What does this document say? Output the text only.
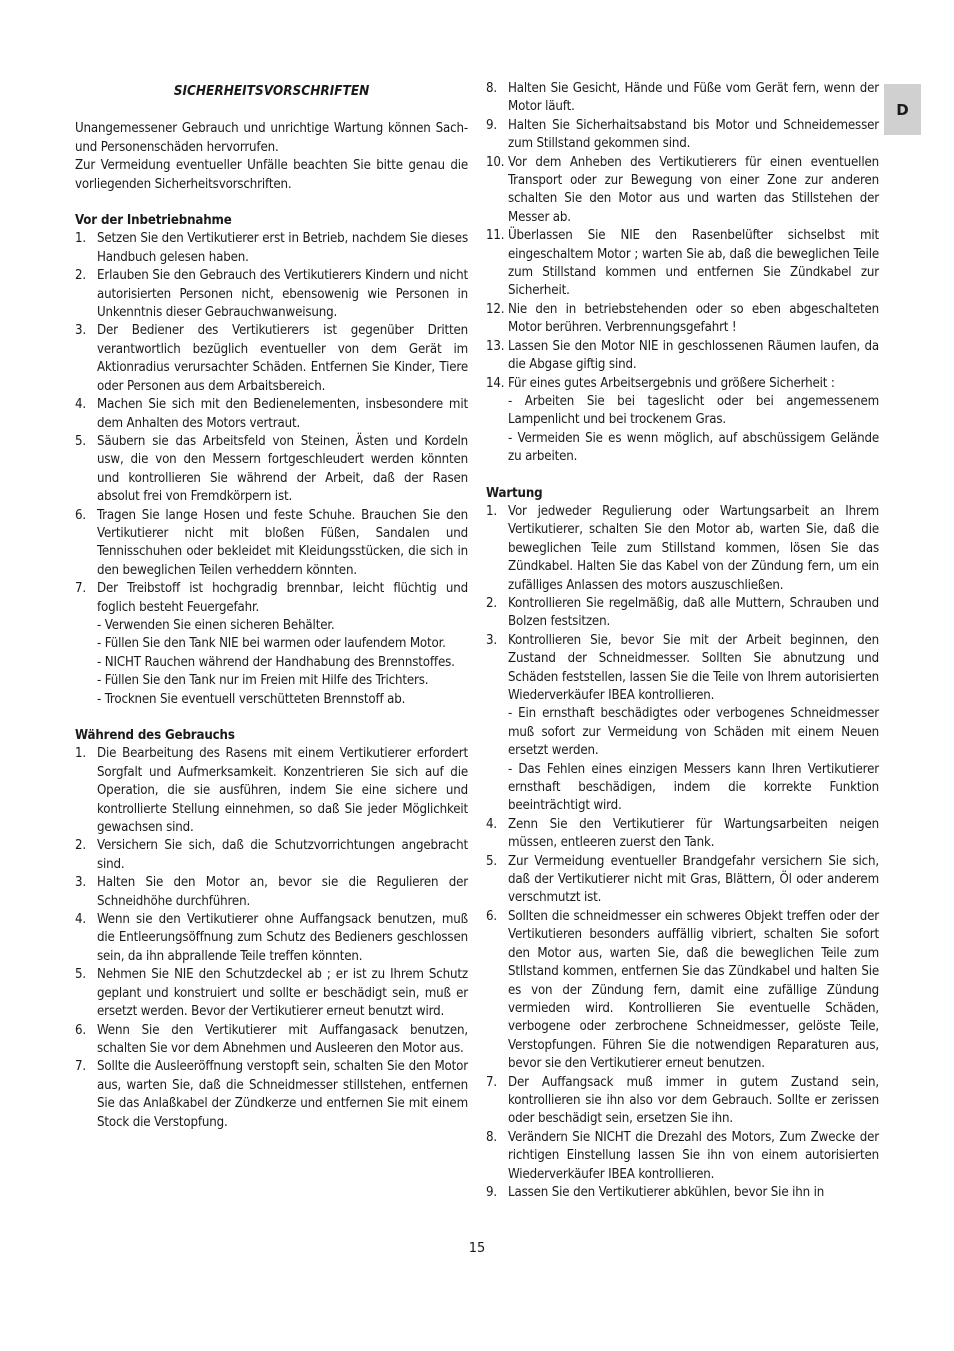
D
SICHERHEITSVORSCHRIFTEN

Unangemessener Gebrauch und unrichtige Wartung können Sach- und Personenschäden hervorrufen.

Zur Vermeidung eventueller Unfälle beachten Sie bitte genau die vorliegenden Sicherheitsvorschriften.

Vor der Inbetriebnahme
1. Setzen Sie den Vertikutierer erst in Betrieb, nachdem Sie dieses Handbuch gelesen haben.
2. Erlauben Sie den Gebrauch des Vertikutierers Kindern und nicht autorisierten Personen nicht, ebensowenig wie Personen in Unkenntnis dieser Gebrauchwanweisung.
3. Der Bediener des Vertikutierers ist gegenüber Dritten verantwortlich bezüglich eventueller von dem Gerät im Aktionradius verursachter Schäden. Entfernen Sie Kinder, Tiere oder Personen aus dem Arbaitsbereich.
4. Machen Sie sich mit den Bedienelementen, insbesondere mit dem Anhalten des Motors vertraut.
5. Säubern sie das Arbeitsfeld von Steinen, Ästen und Kordeln usw, die von den Messern fortgeschleudert werden könnten und kontrollieren Sie während der Arbeit, daß der Rasen absolut frei von Fremdkörpern ist.
6. Tragen Sie lange Hosen und feste Schuhe. Brauchen Sie den Vertikutierer nicht mit bloßen Füßen, Sandalen und Tennisschuhen oder bekleidet mit Kleidungsstücken, die sich in den beweglichen Teilen verheddern könnten.
7. Der Treibstoff ist hochgradig brennbar, leicht flüchtig und foglich besteht Feuergefahr.
- Verwenden Sie einen sicheren Behälter.
- Füllen Sie den Tank NIE bei warmen oder laufendem Motor.
- NICHT Rauchen während der Handhabung des Brennstoffes.
- Füllen Sie den Tank nur im Freien mit Hilfe des Trichters.
- Trocknen Sie eventuell verschütteten Brennstoff ab.
Während des Gebrauchs
1. Die Bearbeitung des Rasens mit einem Vertikutierer erfordert Sorgfalt und Aufmerksamkeit. Konzentrieren Sie sich auf die Operation, die sie ausführen, indem Sie eine sichere und kontrollierte Stellung einnehmen, so daß Sie jeder Möglichkeit gewachsen sind.
2. Versichern Sie sich, daß die Schutzvorrichtungen angebracht sind.
3. Halten Sie den Motor an, bevor sie die Regulieren der Schneidhöhe durchführen.
4. Wenn sie den Vertikutierer ohne Auffangsack benutzen, muß die Entleerungsöffnung zum Schutz des Bedieners geschlossen sein, da ihn abprallende Teile treffen könnten.
5. Nehmen Sie NIE den Schutzdeckel ab ; er ist zu Ihrem Schutz geplant und konstruiert und sollte er beschädigt sein, muß er ersetzt werden. Bevor der Vertikutierer erneut benutzt wird.
6. Wenn Sie den Vertikutierer mit Auffangasack benutzen, schalten Sie vor dem Abnehmen und Ausleeren den Motor aus.
7. Sollte die Ausleeröffnung verstopft sein, schalten Sie den Motor aus, warten Sie, daß die Schneidmesser stillstehen, entfernen Sie das Anlaßkabel der Zündkerze und entfernen Sie mit einem Stock die Verstopfung.
8. Halten Sie Gesicht, Hände und Füße vom Gerät fern, wenn der Motor läuft.
9. Halten Sie Sicherhaitsabstand bis Motor und Schneidemesser zum Stillstand gekommen sind.
10. Vor dem Anheben des Vertikutierers für einen eventuellen Transport oder zur Bewegung von einer Zone zur anderen schalten Sie den Motor aus und warten das Stillstehen der Messer ab.
11. Überlassen Sie NIE den Rasenbelüfter sichselbst mit eingeschaltem Motor ; warten Sie ab, daß die beweglichen Teile zum Stillstand kommen und entfernen Sie Zündkabel zur Sicherheit.
12. Nie den in betriebstehenden oder so eben abgeschalteten Motor berühren. Verbrennungsgefahrt !
13. Lassen Sie den Motor NIE in geschlossenen Räumen laufen, da die Abgase giftig sind.
14. Für eines gutes Arbeitsergebnis und größere Sicherheit :
- Arbeiten Sie bei tageslicht oder bei angemessenem Lampenlicht und bei trockenem Gras.
- Vermeiden Sie es wenn möglich, auf abschüssigem Gelände zu arbeiten.
Wartung
1. Vor jedweder Regulierung oder Wartungsarbeit an Ihrem Vertikutierer, schalten Sie den Motor ab, warten Sie, daß die beweglichen Teile zum Stillstand kommen, lösen Sie das Zündkabel. Halten Sie das Kabel von der Zündung fern, um ein zufälliges Anlassen des motors auszuschließen.
2. Kontrollieren Sie regelmäßig, daß alle Muttern, Schrauben und Bolzen festsitzen.
3. Kontrollieren Sie, bevor Sie mit der Arbeit beginnen, den Zustand der Schneidmesser. Sollten Sie abnutzung und Schäden feststellen, lassen Sie die Teile von Ihrem autorisierten Wiederverkäufer IBEA kontrollieren.
- Ein ernsthaft beschädigtes oder verbogenes Schneidmesser muß sofort zur Vermeidung von Schäden mit einem Neuen ersetzt werden.
- Das Fehlen eines einzigen Messers kann Ihren Vertikutierer ernsthaft beschädigen, indem die korrekte Funktion beeinträchtigt wird.
4. Zenn Sie den Vertikutierer für Wartungsarbeiten neigen müssen, entleeren zuerst den Tank.
5. Zur Vermeidung eventueller Brandgefahr versichern Sie sich, daß der Vertikutierer nicht mit Gras, Blättern, Öl oder anderem verschmutzt ist.
6. Sollten die schneidmesser ein schweres Objekt treffen oder der Vertikutieren besonders auffällig vibriert, schalten Sie sofort den Motor aus, warten Sie, daß die beweglichen Teile zum Stllstand kommen, entfernen Sie das Zündkabel und halten Sie es von der Zündung fern, damit eine zufällige Zündung vermieden wird. Kontrollieren Sie eventuelle Schäden, verbogene oder zerbrochene Schneidmesser, gelöste Teile, Verstopfungen. Führen Sie die notwendigen Reparaturen aus, bevor sie den Vertikutierer erneut benutzen.
7. Der Auffangsack muß immer in gutem Zustand sein, kontrollieren sie ihn also vor dem Gebrauch. Sollte er zerissen oder beschädigt sein, ersetzen Sie ihn.
8. Verändern Sie NICHT die Drezahl des Motors, Zum Zwecke der richtigen Einstellung lassen Sie ihn von einem autorisierten Wiederverkäufer IBEA kontrollieren.
9. Lassen Sie den Vertikutierer abkühlen, bevor Sie ihn in
15
